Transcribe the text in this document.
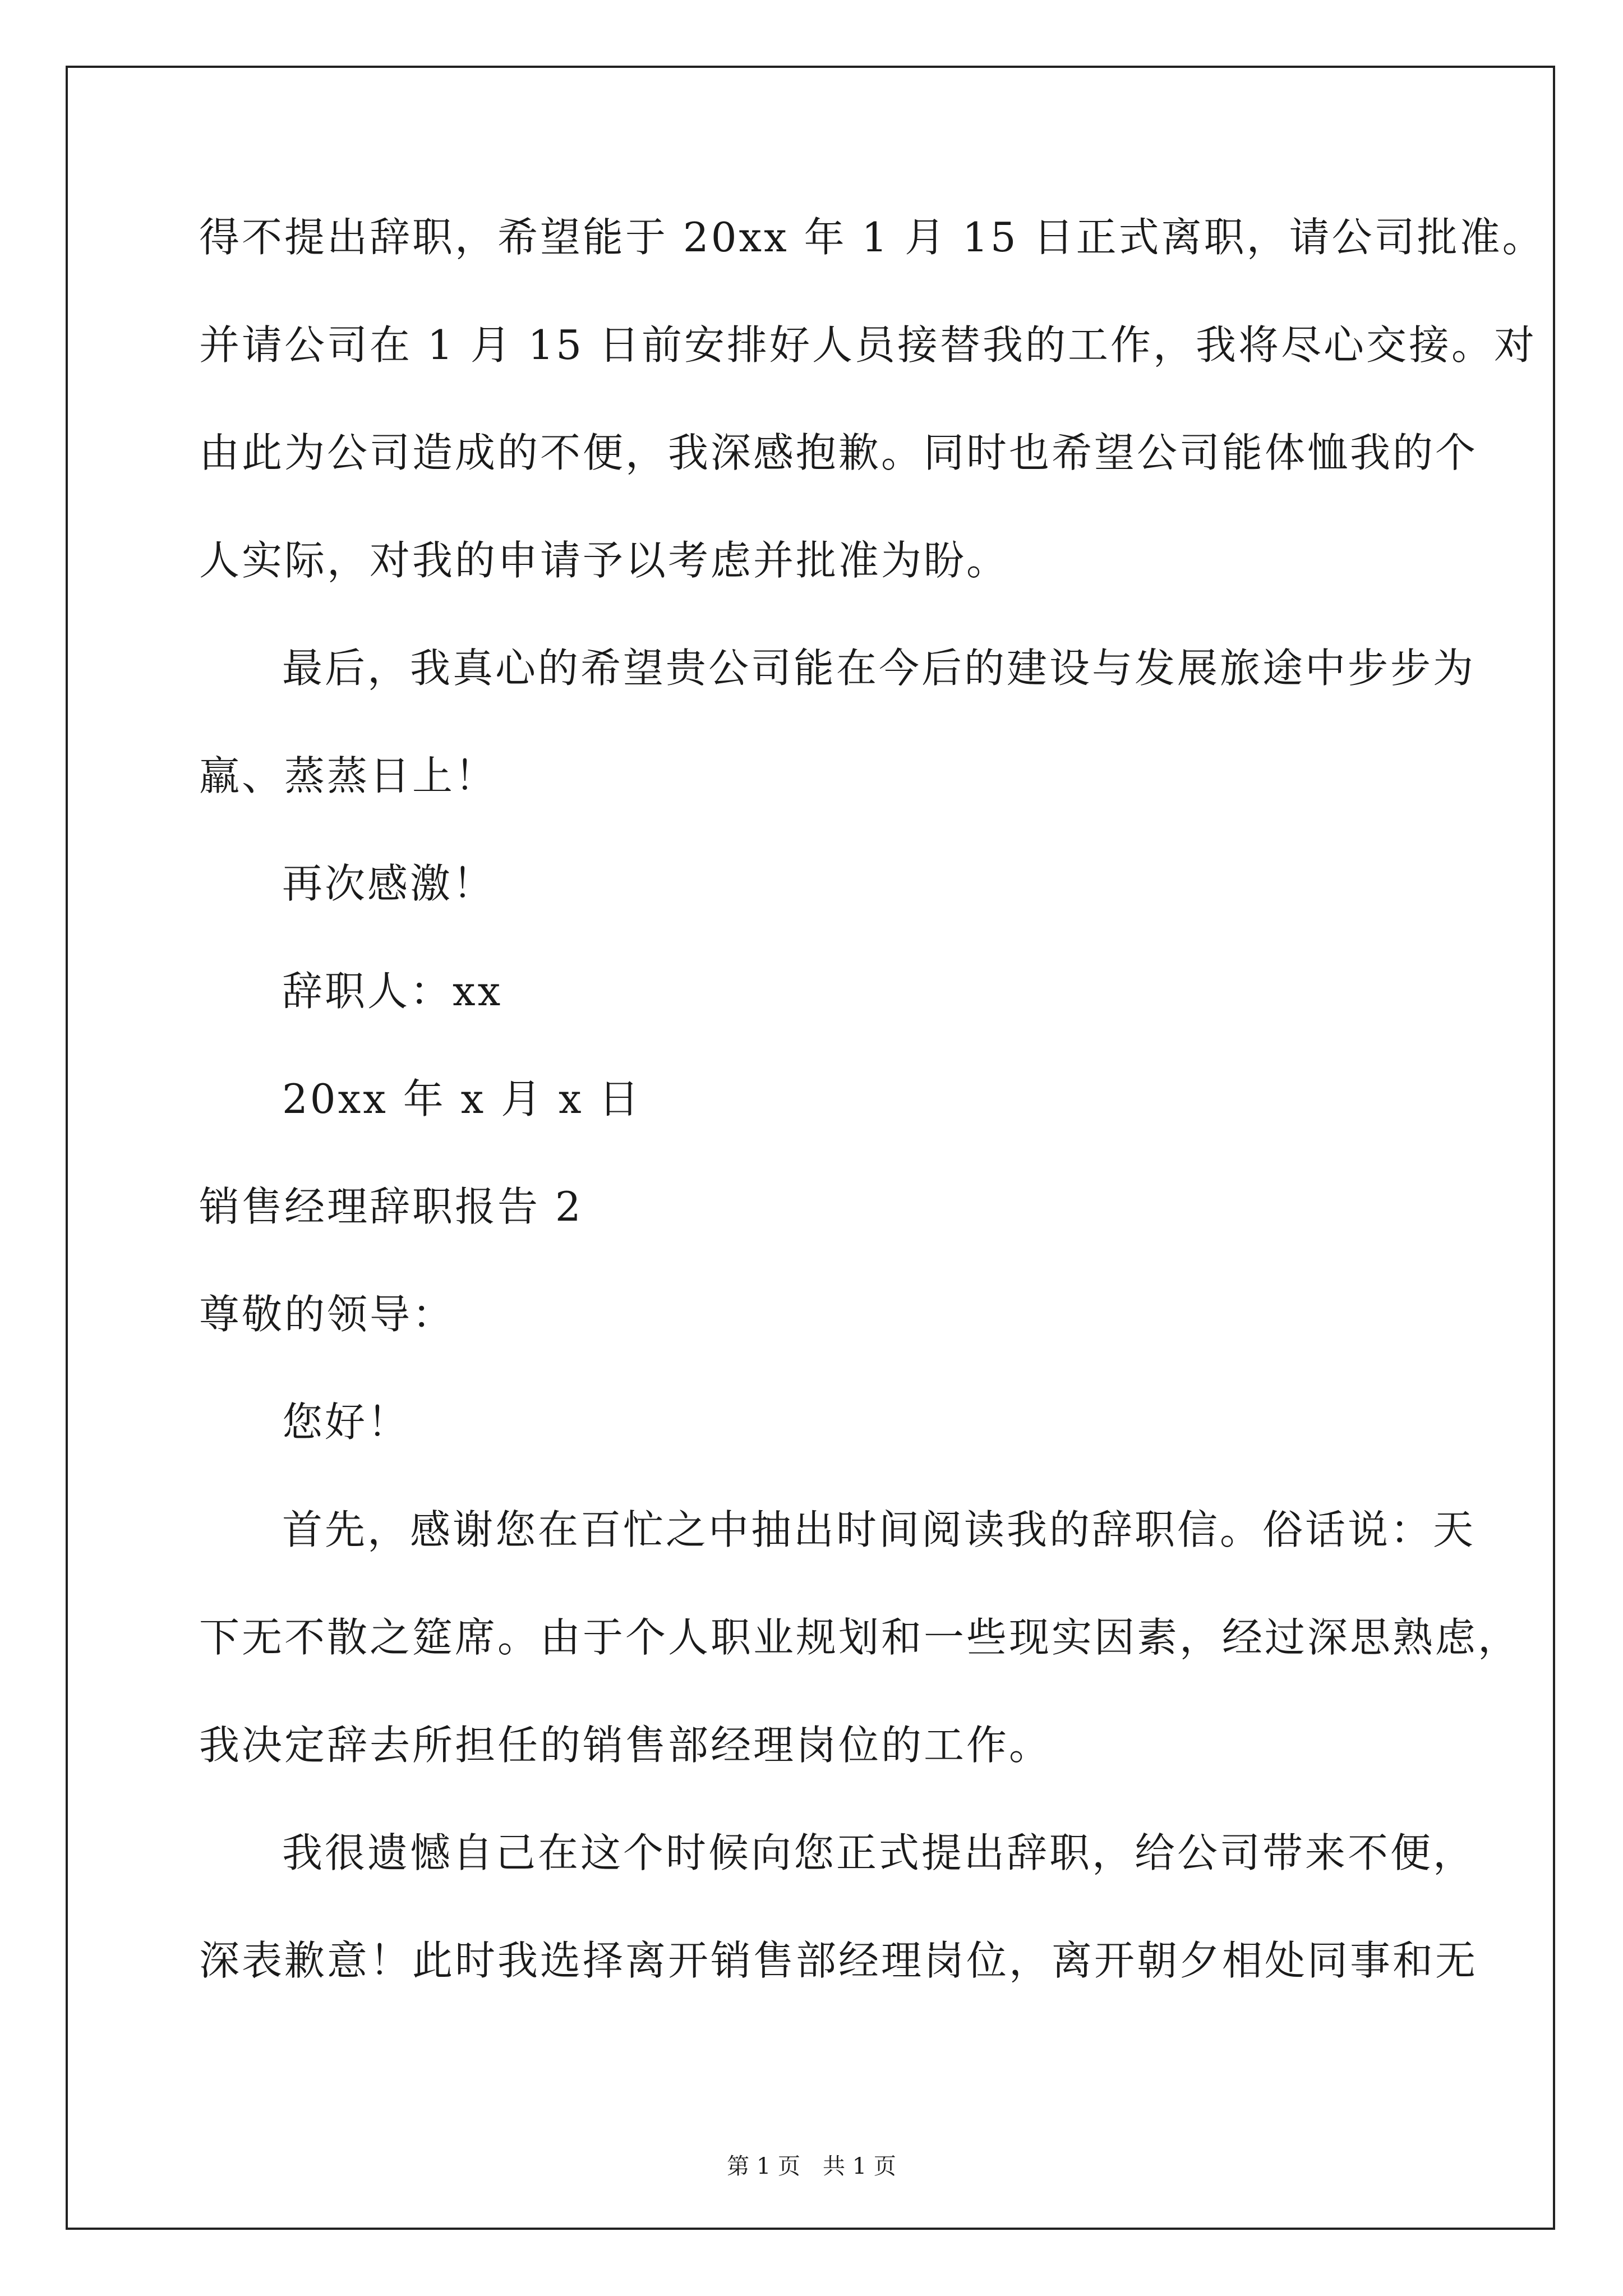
得不提出辞职，希望能于 20xx 年 1 月 15 日正式离职，请公司批准。
并请公司在 1 月 15 日前安排好人员接替我的工作，我将尽心交接。对
由此为公司造成的不便，我深感抱歉。同时也希望公司能体恤我的个
人实际，对我的申请予以考虑并批准为盼。
最后，我真心的希望贵公司能在今后的建设与发展旅途中步步为
羸、蒸蒸日上！
再次感激！
辞职人：xx
20xx 年 x 月 x 日
销售经理辞职报告 2
尊敬的领导：
您好！
首先，感谢您在百忙之中抽出时间阅读我的辞职信。俗话说：天
下无不散之筵席。由于个人职业规划和一些现实因素，经过深思熟虑，
我决定辞去所担任的销售部经理岗位的工作。
我很遗憾自己在这个时候向您正式提出辞职，给公司带来不便，
深表歉意！此时我选择离开销售部经理岗位，离开朝夕相处同事和无
第 1 页 共 1 页
